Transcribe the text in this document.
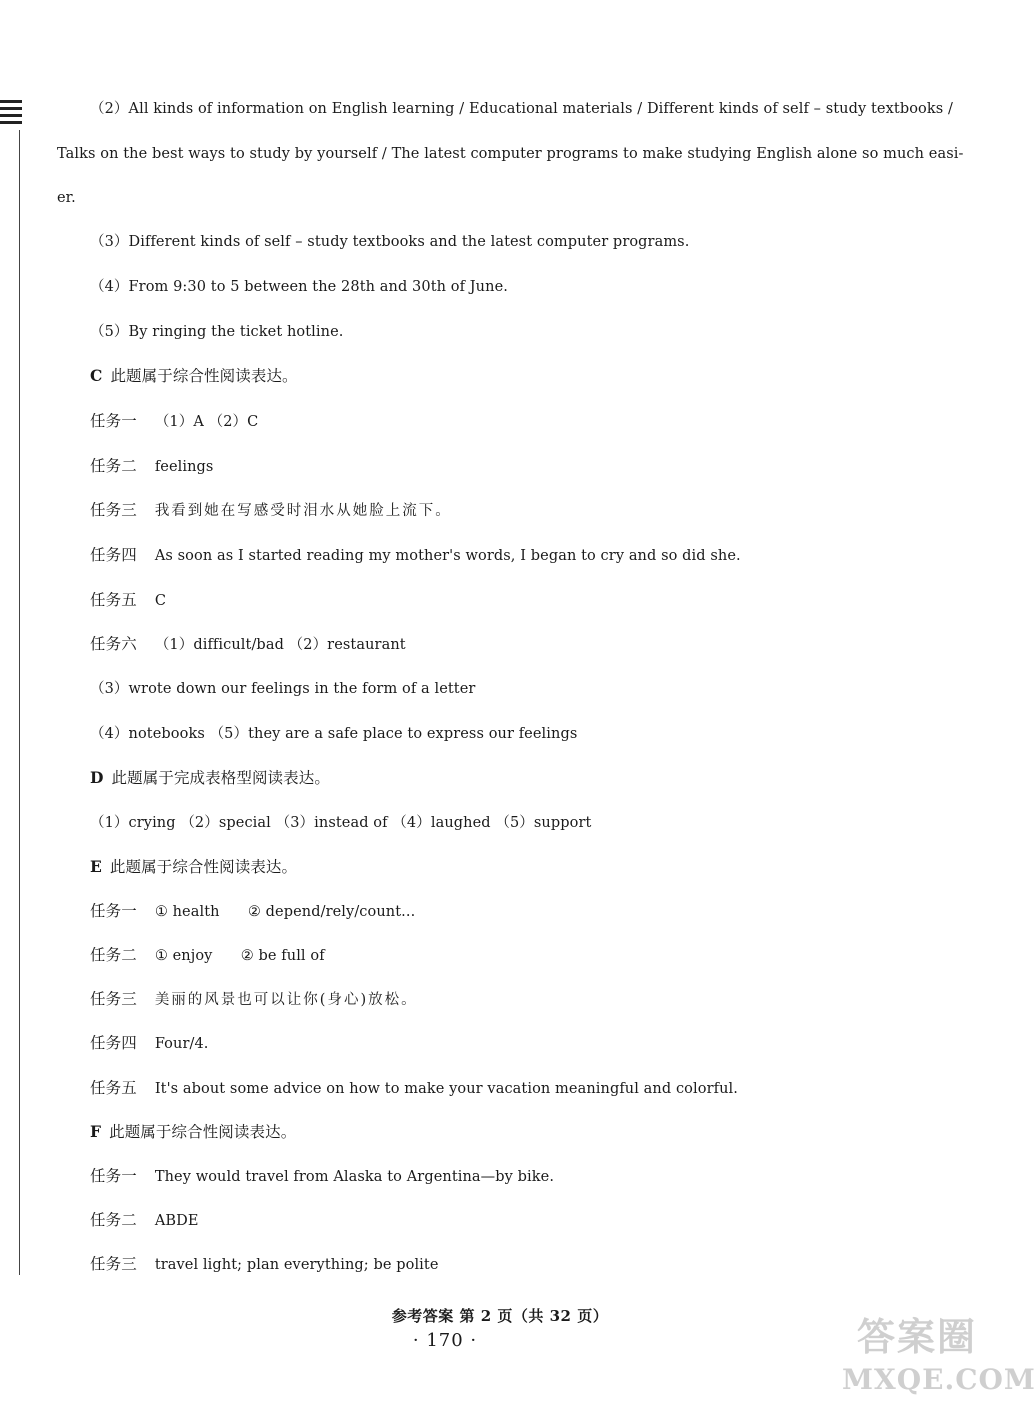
（2）All kinds of information on English learning / Educational materials / Different kinds of self – study textbooks /
Talks on the best ways to study by yourself / The latest computer programs to make studying English alone so much easi-
er.
（3）Different kinds of self – study textbooks and the latest computer programs.
（4）From 9:30 to 5 between the 28th and 30th of June.
（5）By ringing the ticket hotline.
C 此题属于综合性阅读表达。
任务一 （1）A （2）C
任务二 feelings
任务三 我看到她在写感受时泪水从她脸上流下。
任务四 As soon as I started reading my mother's words, I began to cry and so did she.
任务五 C
任务六 （1）difficult/bad （2）restaurant
（3）wrote down our feelings in the form of a letter
（4）notebooks （5）they are a safe place to express our feelings
D 此题属于完成表格型阅读表达。
（1）crying （2）special （3）instead of （4）laughed （5）support
E 此题属于综合性阅读表达。
任务一 ① health      ② depend/rely/count...
任务二 ① enjoy      ② be full of
任务三 美丽的风景也可以让你(身心)放松。
任务四 Four/4.
任务五 It's about some advice on how to make your vacation meaningful and colorful.
F 此题属于综合性阅读表达。
任务一 They would travel from Alaska to Argentina—by bike.
任务二 ABDE
任务三 travel light; plan everything; be polite
参考答案 第 2 页（共 32 页）
· 170 ·	答案圈
MXQE.COM
